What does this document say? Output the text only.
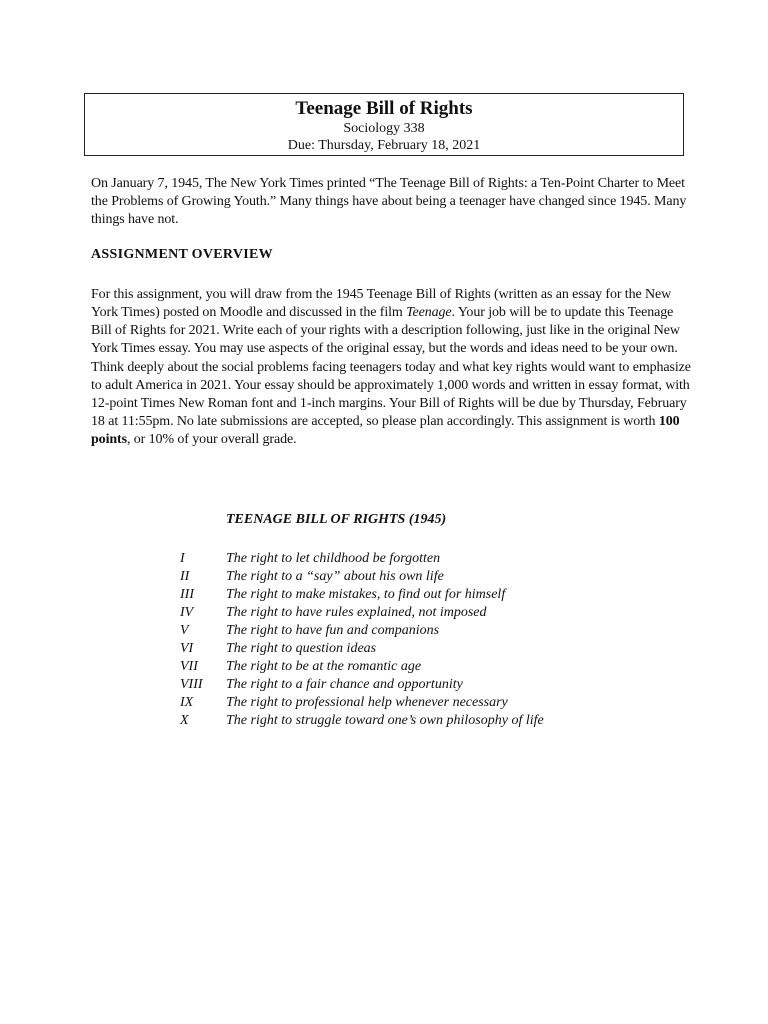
Teenage Bill of Rights
Sociology 338
Due: Thursday, February 18, 2021

On January 7, 1945, The New York Times printed “The Teenage Bill of Rights: a Ten-Point Charter to Meet the Problems of Growing Youth.” Many things have about being a teenager have changed since 1945. Many things have not.

ASSIGNMENT OVERVIEW

For this assignment, you will draw from the 1945 Teenage Bill of Rights (written as an essay for the New York Times) posted on Moodle and discussed in the film Teenage. Your job will be to update this Teenage Bill of Rights for 2021. Write each of your rights with a description following, just like in the original New York Times essay. You may use aspects of the original essay, but the words and ideas need to be your own. Think deeply about the social problems facing teenagers today and what key rights would want to emphasize to adult America in 2021. Your essay should be approximately 1,000 words and written in essay format, with 12-point Times New Roman font and 1-inch margins. Your Bill of Rights will be due by Thursday, February 18 at 11:55pm. No late submissions are accepted, so please plan accordingly. This assignment is worth 100 points, or 10% of your overall grade.

TEENAGE BILL OF RIGHTS (1945)
I	The right to let childhood be forgotten
II	The right to a “say” about his own life
III	The right to make mistakes, to find out for himself
IV	The right to have rules explained, not imposed
V	The right to have fun and companions
VI	The right to question ideas
VII	The right to be at the romantic age
VIII	The right to a fair chance and opportunity
IX	The right to professional help whenever necessary
X	The right to struggle toward one’s own philosophy of life
